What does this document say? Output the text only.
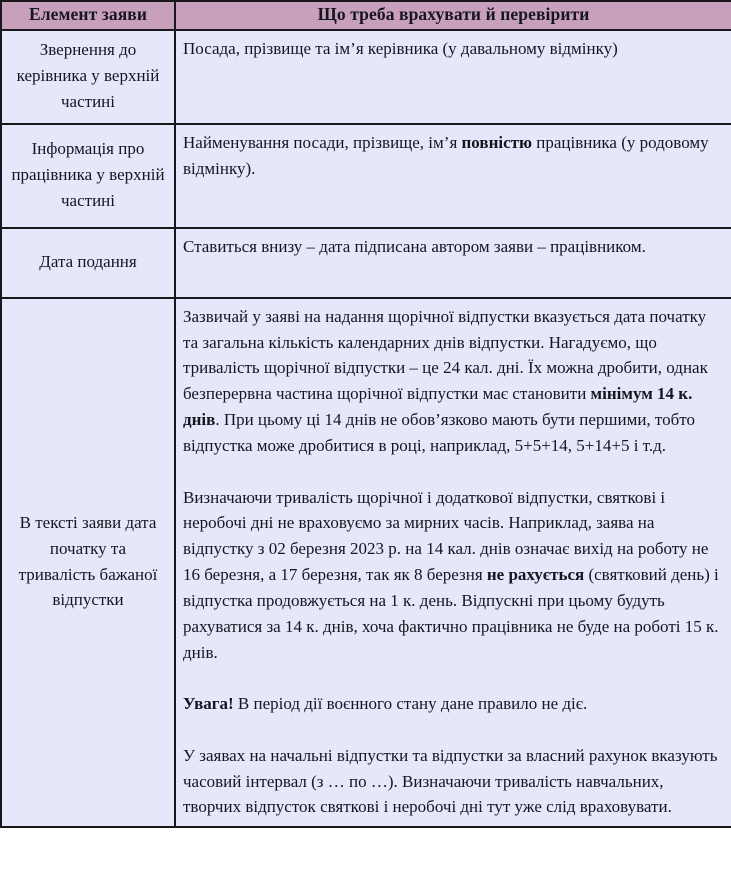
Елемент заяви	Що треба врахувати й перевірити
Звернення до керівника у верхній частині	Посада, прізвище та ім’я керівника (у давальному відмінку)

Інформація про працівника у верхній частині	Найменування посади, прізвище, ім’я повністю працівника (у родовому відмінку).

Дата подання	Ставиться внизу – дата підписана автором заяви – працівником.

В тексті заяви дата початку та тривалість бажаної відпустки	Зазвичай у заяві на надання щорічної відпустки вказується дата початку та загальна кількість календарних днів відпустки. Нагадуємо, що тривалість щорічної відпустки – це 24 кал. дні. Їх можна дробити, однак безперервна частина щорічної відпустки має становити мінімум 14 к. днів. При цьому ці 14 днів не обов’язково мають бути першими, тобто відпустка може дробитися в році, наприклад, 5+5+14, 5+14+5 і т.д.

Визначаючи тривалість щорічної і додаткової відпустки, святкові і неробочі дні не враховуємо за мирних часів. Наприклад, заява на відпустку з 02 березня 2023 р. на 14 кал. днів означає вихід на роботу не 16 березня, а 17 березня, так як 8 березня не рахується (святковий день) і відпустка продовжується на 1 к. день. Відпускні при цьому будуть рахуватися за 14 к. днів, хоча фактично працівника не буде на роботі 15 к. днів.

Увага! В період дії воєнного стану дане правило не діє.

У заявах на начальні відпустки та відпустки за власний рахунок вказують часовий інтервал (з … по …). Визначаючи тривалість навчальних, творчих відпусток святкові і неробочі дні тут уже слід враховувати.
